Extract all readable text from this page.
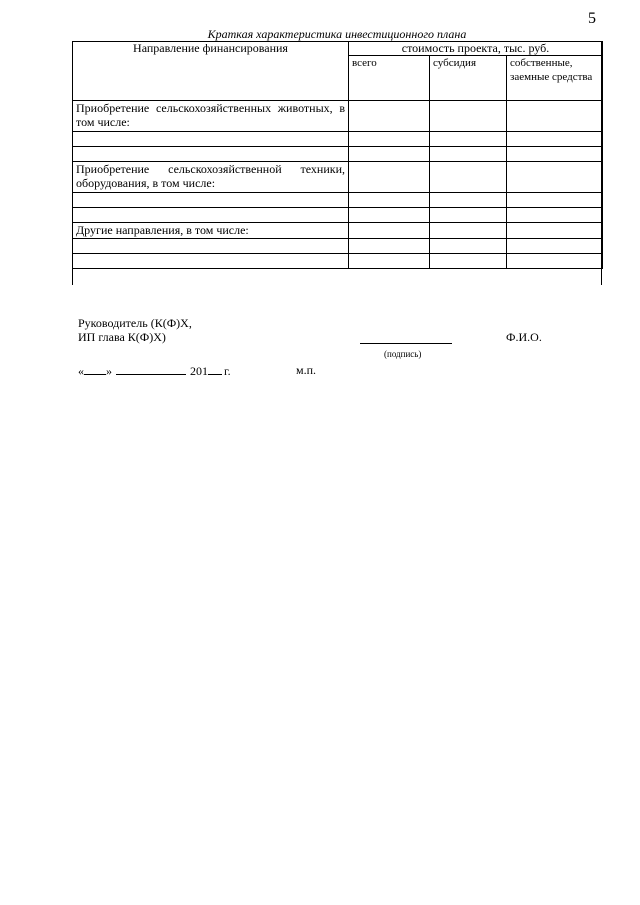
5
Краткая характеристика инвестиционного плана
Направление финансирования	стоимость проекта, тыс. руб.		
	всего	субсидия	собственные, заемные средства
Приобретение сельскохозяйственных животных, в том числе:			

Приобретение сельскохозяйственной техники, оборудования, в том числе:			

Другие направления, в том числе:			

Руководитель (К(Ф)Х,
ИП глава К(Ф)Х)
(подпись)
Ф.И.О.
« »	201 г.	м.п.
